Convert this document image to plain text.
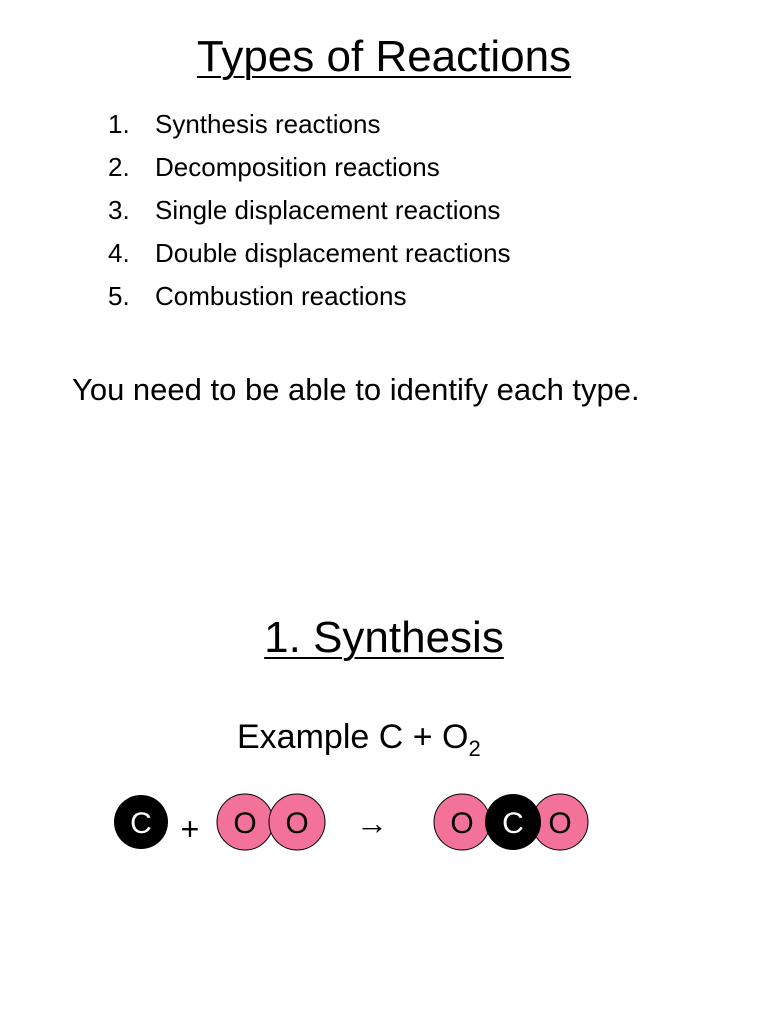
Types of Reactions
1. Synthesis reactions
2. Decomposition reactions
3. Single displacement reactions
4. Double displacement reactions
5. Combustion reactions
You need to be able to identify each type.
1. Synthesis
Example $C + O_2$
C + O O → O C O
